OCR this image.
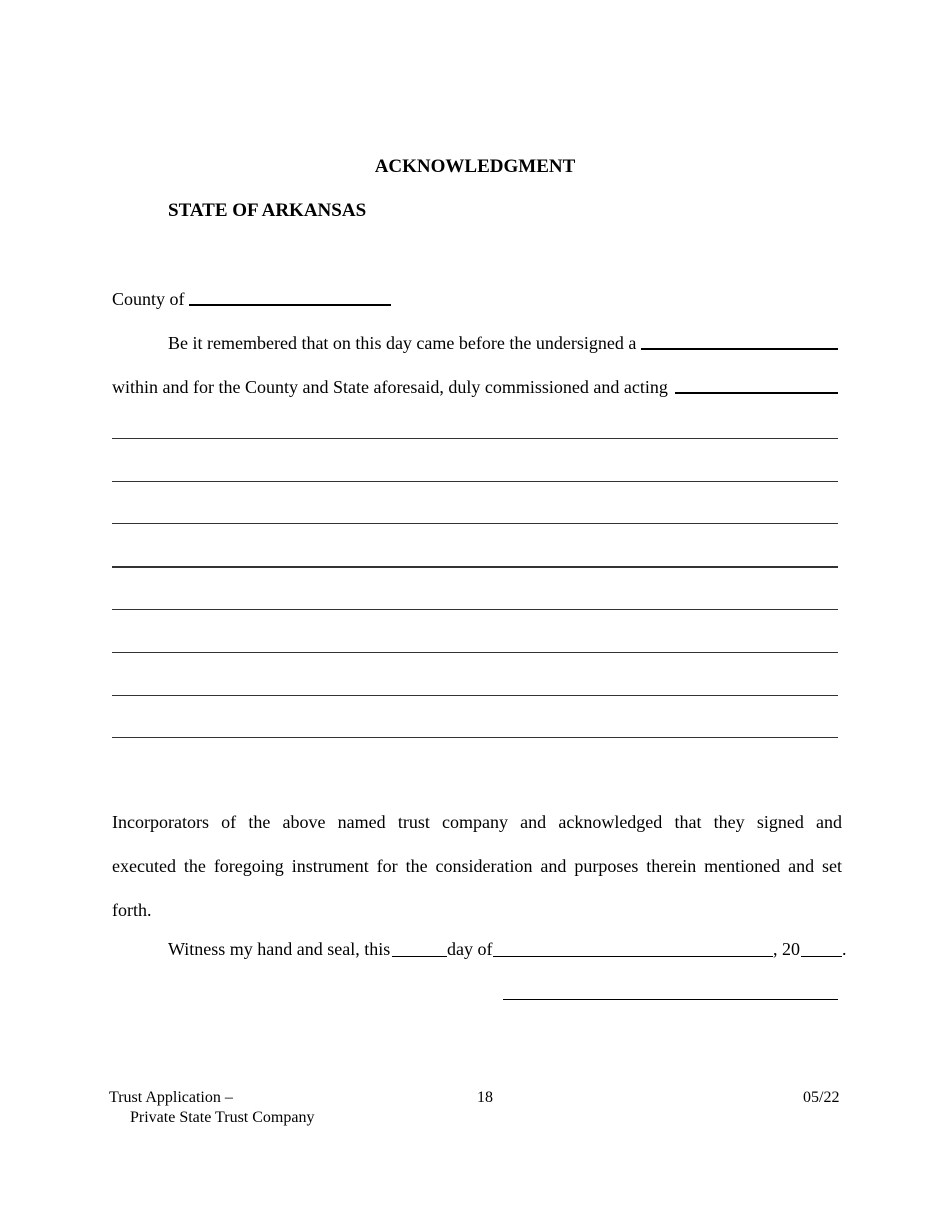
ACKNOWLEDGMENT
STATE OF ARKANSAS
County of
Be it remembered that on this day came before the undersigned a
within and for the County and State aforesaid, duly commissioned and acting
Incorporators of the above named trust company and acknowledged that they signed and
executed the foregoing instrument for the consideration and purposes therein mentioned and set
forth.
Witness my hand and seal, this	day of	, 20 .
Trust Application –
Private State Trust Company
18	05/22
